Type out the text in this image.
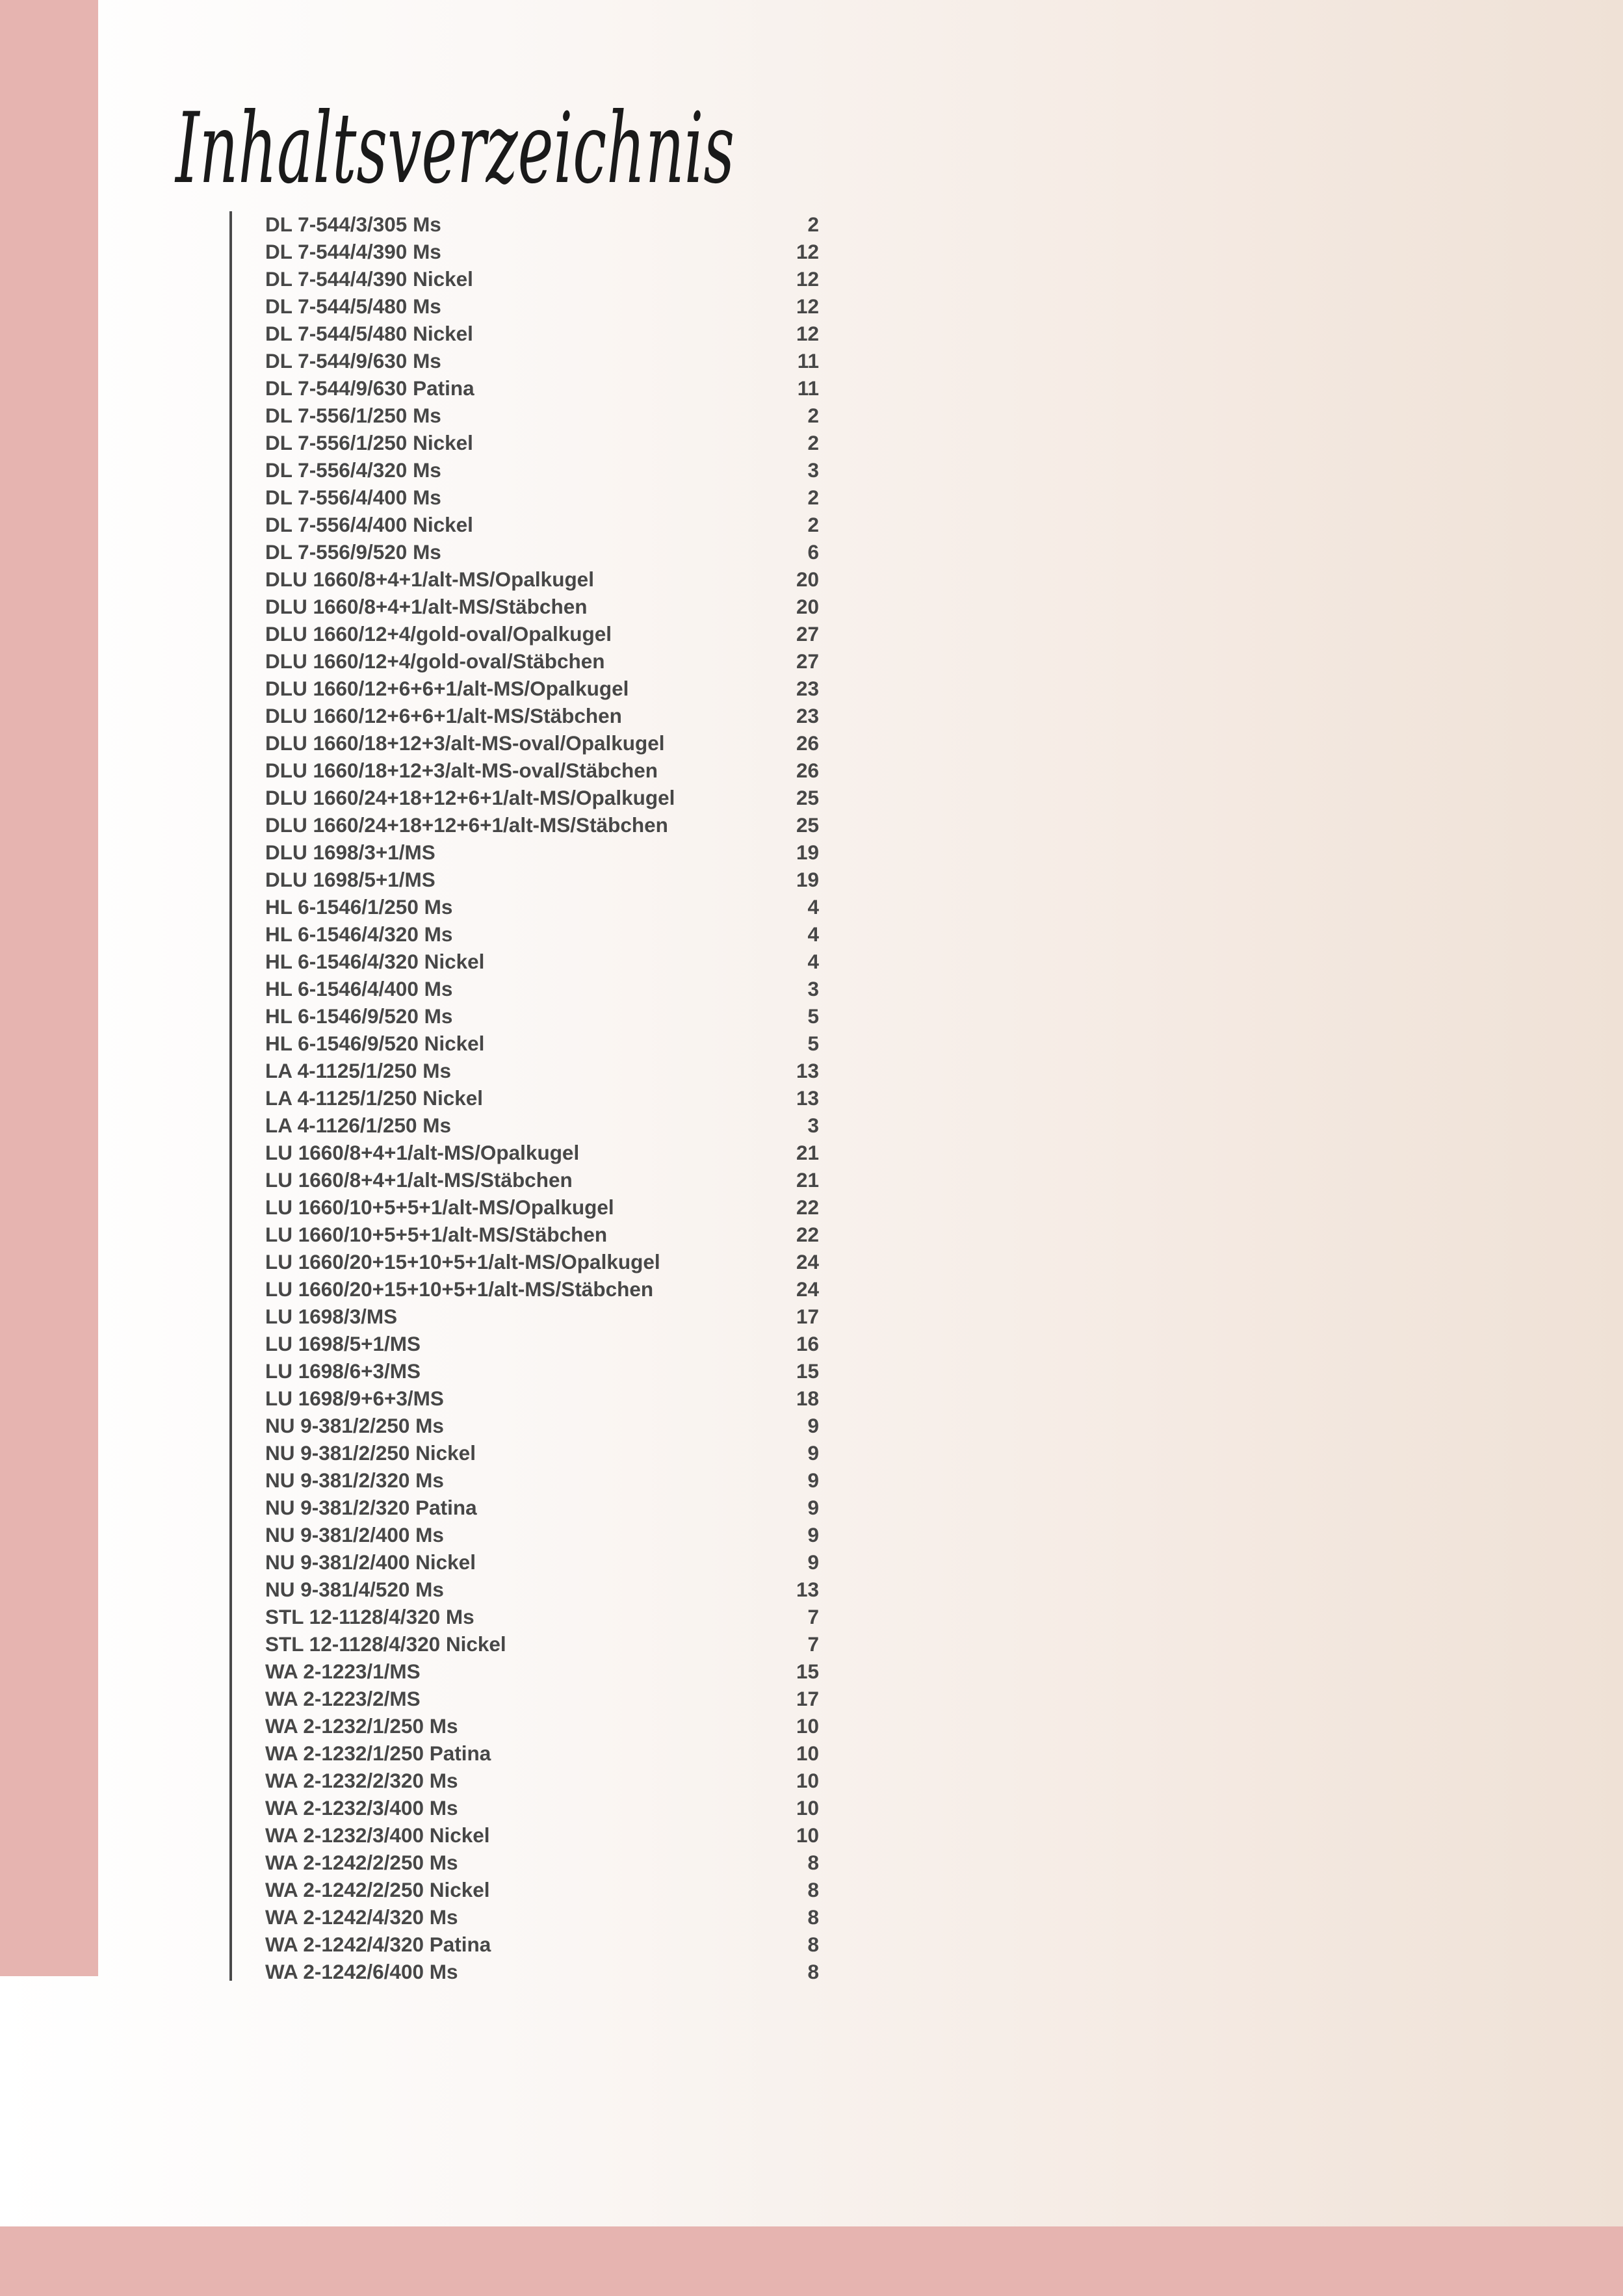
Inhaltsverzeichnis
DL 7-544/3/305 Ms	2
DL 7-544/4/390 Ms	12
DL 7-544/4/390 Nickel	12
DL 7-544/5/480 Ms	12
DL 7-544/5/480 Nickel	12
DL 7-544/9/630 Ms	11
DL 7-544/9/630 Patina	11
DL 7-556/1/250 Ms	2
DL 7-556/1/250 Nickel	2
DL 7-556/4/320 Ms	3
DL 7-556/4/400 Ms	2
DL 7-556/4/400 Nickel	2
DL 7-556/9/520 Ms	6
DLU 1660/8+4+1/alt-MS/Opalkugel	20
DLU 1660/8+4+1/alt-MS/Stäbchen	20
DLU 1660/12+4/gold-oval/Opalkugel	27
DLU 1660/12+4/gold-oval/Stäbchen	27
DLU 1660/12+6+6+1/alt-MS/Opalkugel	23
DLU 1660/12+6+6+1/alt-MS/Stäbchen	23
DLU 1660/18+12+3/alt-MS-oval/Opalkugel	26
DLU 1660/18+12+3/alt-MS-oval/Stäbchen	26
DLU 1660/24+18+12+6+1/alt-MS/Opalkugel	25
DLU 1660/24+18+12+6+1/alt-MS/Stäbchen	25
DLU 1698/3+1/MS	19
DLU 1698/5+1/MS	19
HL 6-1546/1/250 Ms	4
HL 6-1546/4/320 Ms	4
HL 6-1546/4/320 Nickel	4
HL 6-1546/4/400 Ms	3
HL 6-1546/9/520 Ms	5
HL 6-1546/9/520 Nickel	5
LA 4-1125/1/250 Ms	13
LA 4-1125/1/250 Nickel	13
LA 4-1126/1/250 Ms	3
LU 1660/8+4+1/alt-MS/Opalkugel	21
LU 1660/8+4+1/alt-MS/Stäbchen	21
LU 1660/10+5+5+1/alt-MS/Opalkugel	22
LU 1660/10+5+5+1/alt-MS/Stäbchen	22
LU 1660/20+15+10+5+1/alt-MS/Opalkugel	24
LU 1660/20+15+10+5+1/alt-MS/Stäbchen	24
LU 1698/3/MS	17
LU 1698/5+1/MS	16
LU 1698/6+3/MS	15
LU 1698/9+6+3/MS	18
NU 9-381/2/250 Ms	9
NU 9-381/2/250 Nickel	9
NU 9-381/2/320 Ms	9
NU 9-381/2/320 Patina	9
NU 9-381/2/400 Ms	9
NU 9-381/2/400 Nickel	9
NU 9-381/4/520 Ms	13
STL 12-1128/4/320 Ms	7
STL 12-1128/4/320 Nickel	7
WA 2-1223/1/MS	15
WA 2-1223/2/MS	17
WA 2-1232/1/250 Ms	10
WA 2-1232/1/250 Patina	10
WA 2-1232/2/320 Ms	10
WA 2-1232/3/400 Ms	10
WA 2-1232/3/400 Nickel	10
WA 2-1242/2/250 Ms	8
WA 2-1242/2/250 Nickel	8
WA 2-1242/4/320 Ms	8
WA 2-1242/4/320 Patina	8
WA 2-1242/6/400 Ms	8
